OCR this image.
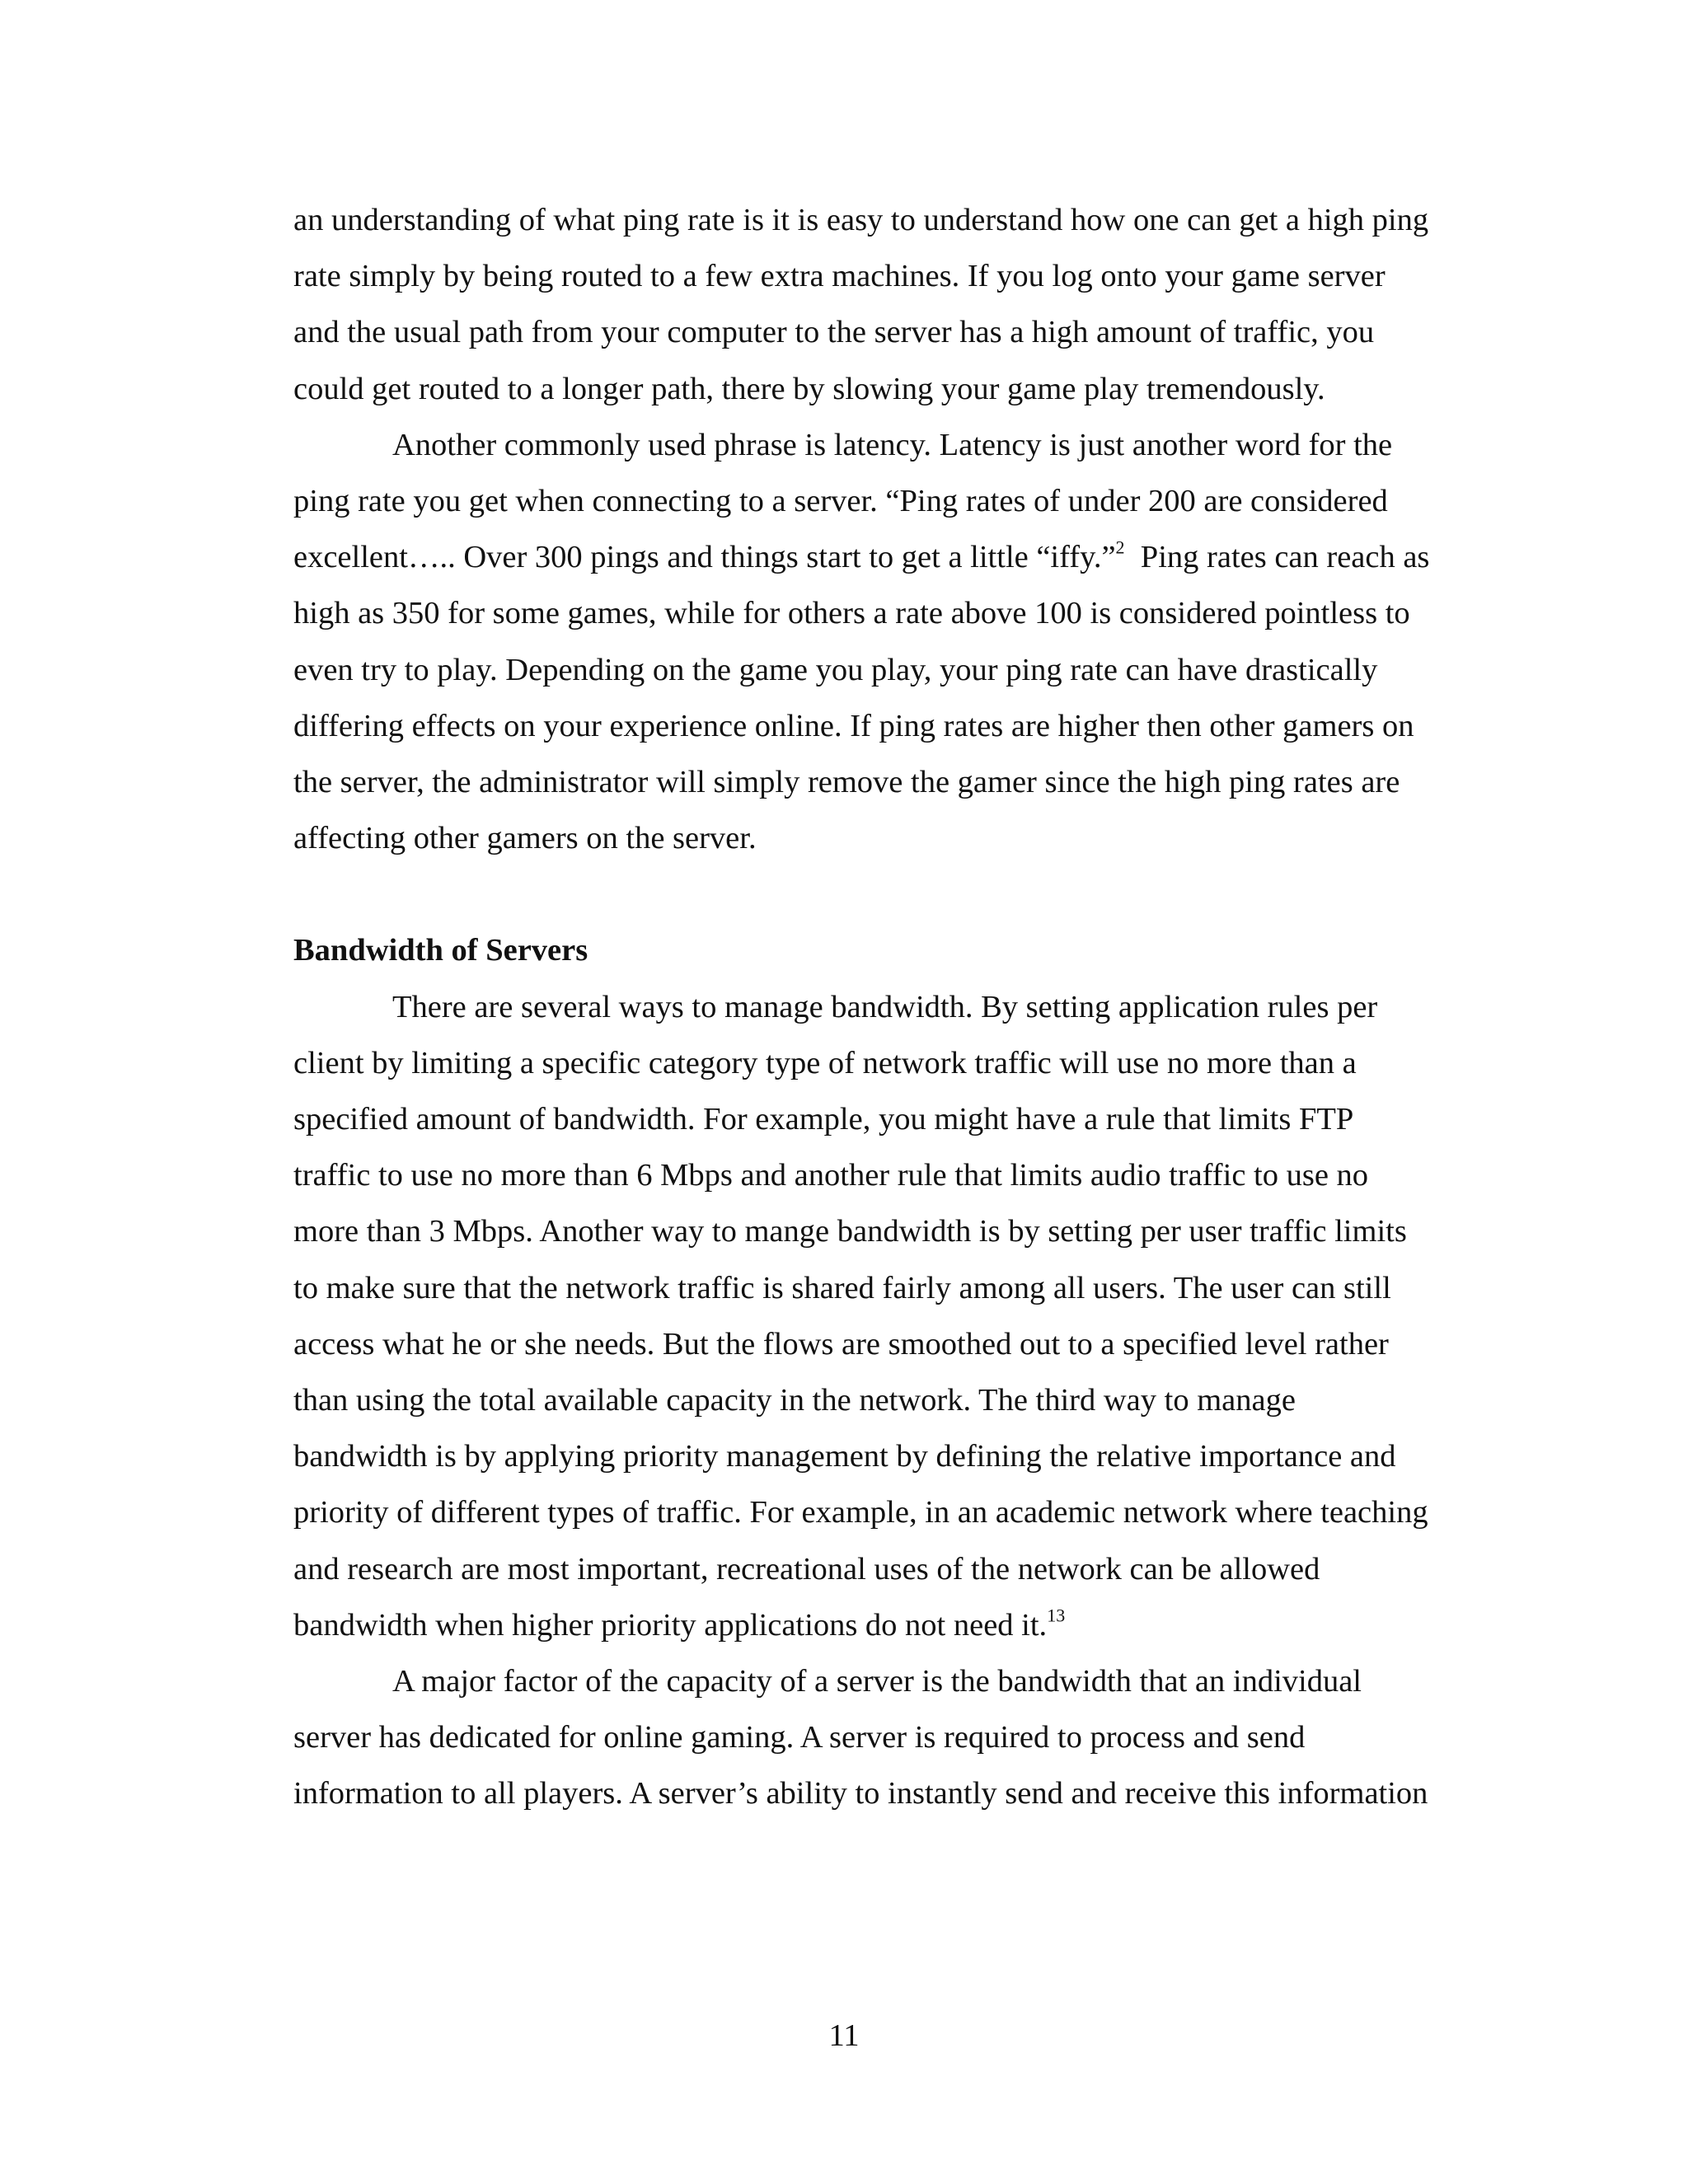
an understanding of what ping rate is it is easy to understand how one can get a high ping
rate simply by being routed to a few extra machines. If you log onto your game server
and the usual path from your computer to the server has a high amount of traffic, you
could get routed to a longer path, there by slowing your game play tremendously.
Another commonly used phrase is latency. Latency is just another word for the
ping rate you get when connecting to a server. “Ping rates of under 200 are considered
excellent….. Over 300 pings and things start to get a little “iffy.”$^2$  Ping rates can reach as
high as 350 for some games, while for others a rate above 100 is considered pointless to
even try to play. Depending on the game you play, your ping rate can have drastically
differing effects on your experience online. If ping rates are higher then other gamers on
the server, the administrator will simply remove the gamer since the high ping rates are
affecting other gamers on the server.
Bandwidth of Servers
There are several ways to manage bandwidth. By setting application rules per
client by limiting a specific category type of network traffic will use no more than a
specified amount of bandwidth. For example, you might have a rule that limits FTP
traffic to use no more than 6 Mbps and another rule that limits audio traffic to use no
more than 3 Mbps. Another way to mange bandwidth is by setting per user traffic limits
to make sure that the network traffic is shared fairly among all users. The user can still
access what he or she needs. But the flows are smoothed out to a specified level rather
than using the total available capacity in the network. The third way to manage
bandwidth is by applying priority management by defining the relative importance and
priority of different types of traffic. For example, in an academic network where teaching
and research are most important, recreational uses of the network can be allowed
bandwidth when higher priority applications do not need it.$^{13}$
A major factor of the capacity of a server is the bandwidth that an individual
server has dedicated for online gaming. A server is required to process and send
information to all players. A server’s ability to instantly send and receive this information
11
